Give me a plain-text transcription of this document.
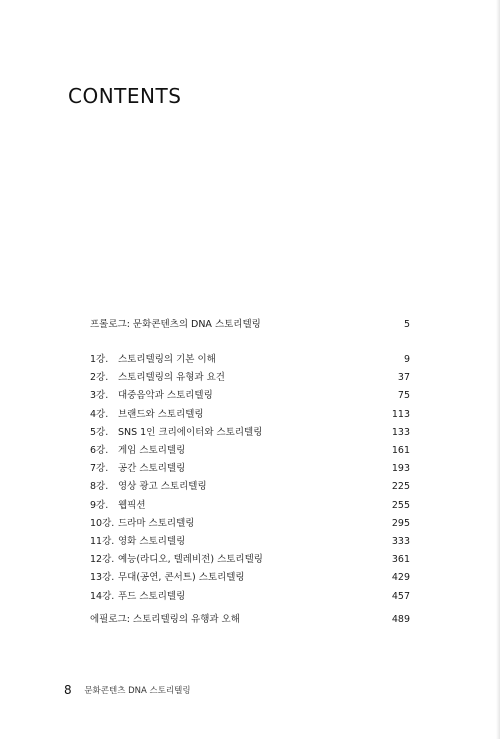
CONTENTS
프롤로그: 문화콘텐츠의 DNA 스토리텔링	5
1강. 스토리텔링의 기본 이해	9
2강. 스토리텔링의 유형과 요건	37
3강. 대중음악과 스토리텔링	75
4강. 브랜드와 스토리텔링	113
5강. SNS 1인 크리에이터와 스토리텔링	133
6강. 게임 스토리텔링	161
7강. 공간 스토리텔링	193
8강. 영상 광고 스토리텔링	225
9강. 웹픽션	255
10강. 드라마 스토리텔링	295
11강. 영화 스토리텔링	333
12강. 예능(라디오, 텔레비전) 스토리텔링	361
13강. 무대(공연, 콘서트) 스토리텔링	429
14강. 푸드 스토리텔링	457
에필로그: 스토리텔링의 유행과 오해	489
8 문화콘텐츠 DNA 스토리텔링
